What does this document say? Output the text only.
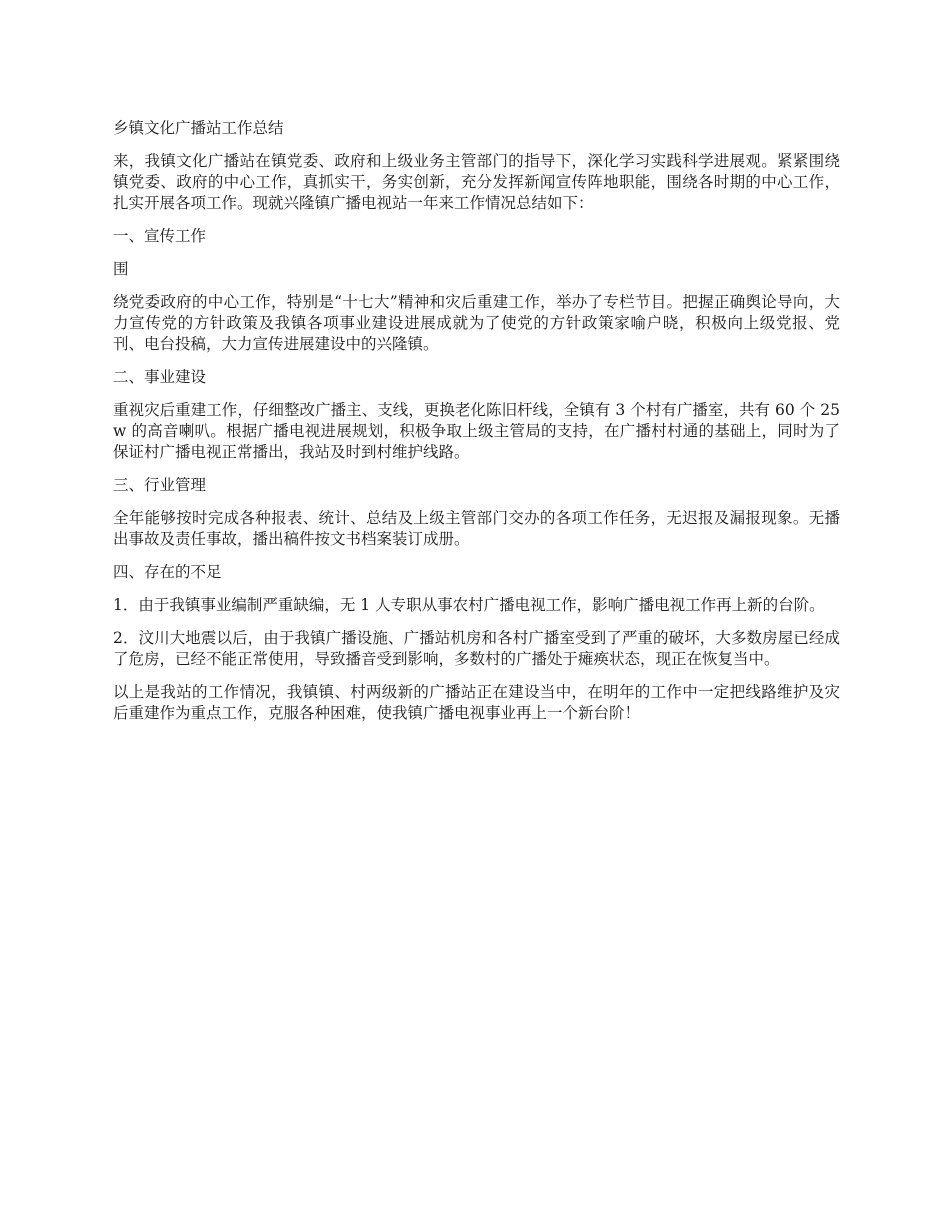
乡镇文化广播站工作总结

来，我镇文化广播站在镇党委、政府和上级业务主管部门的指导下，深化学习实践科学进展观。紧紧围绕镇党委、政府的中心工作，真抓实干，务实创新，充分发挥新闻宣传阵地职能，围绕各时期的中心工作，扎实开展各项工作。现就兴隆镇广播电视站一年来工作情况总结如下：

一、宣传工作

围

绕党委政府的中心工作，特别是“十七大”精神和灾后重建工作，举办了专栏节目。把握正确舆论导向，大力宣传党的方针政策及我镇各项事业建设进展成就为了使党的方针政策家喻户晓，积极向上级党报、党刊、电台投稿，大力宣传进展建设中的兴隆镇。

二、事业建设

重视灾后重建工作，仔细整改广播主、支线，更换老化陈旧杆线，全镇有 3 个村有广播室，共有 60 个 25w 的高音喇叭。根据广播电视进展规划，积极争取上级主管局的支持，在广播村村通的基础上，同时为了保证村广播电视正常播出，我站及时到村维护线路。

三、行业管理

全年能够按时完成各种报表、统计、总结及上级主管部门交办的各项工作任务，无迟报及漏报现象。无播出事故及责任事故，播出稿件按文书档案装订成册。

四、存在的不足

1．由于我镇事业编制严重缺编，无 1 人专职从事农村广播电视工作，影响广播电视工作再上新的台阶。

2．汶川大地震以后，由于我镇广播设施、广播站机房和各村广播室受到了严重的破坏，大多数房屋已经成了危房，已经不能正常使用，导致播音受到影响，多数村的广播处于瘫痪状态，现正在恢复当中。

以上是我站的工作情况，我镇镇、村两级新的广播站正在建设当中，在明年的工作中一定把线路维护及灾后重建作为重点工作，克服各种困难，使我镇广播电视事业再上一个新台阶！
